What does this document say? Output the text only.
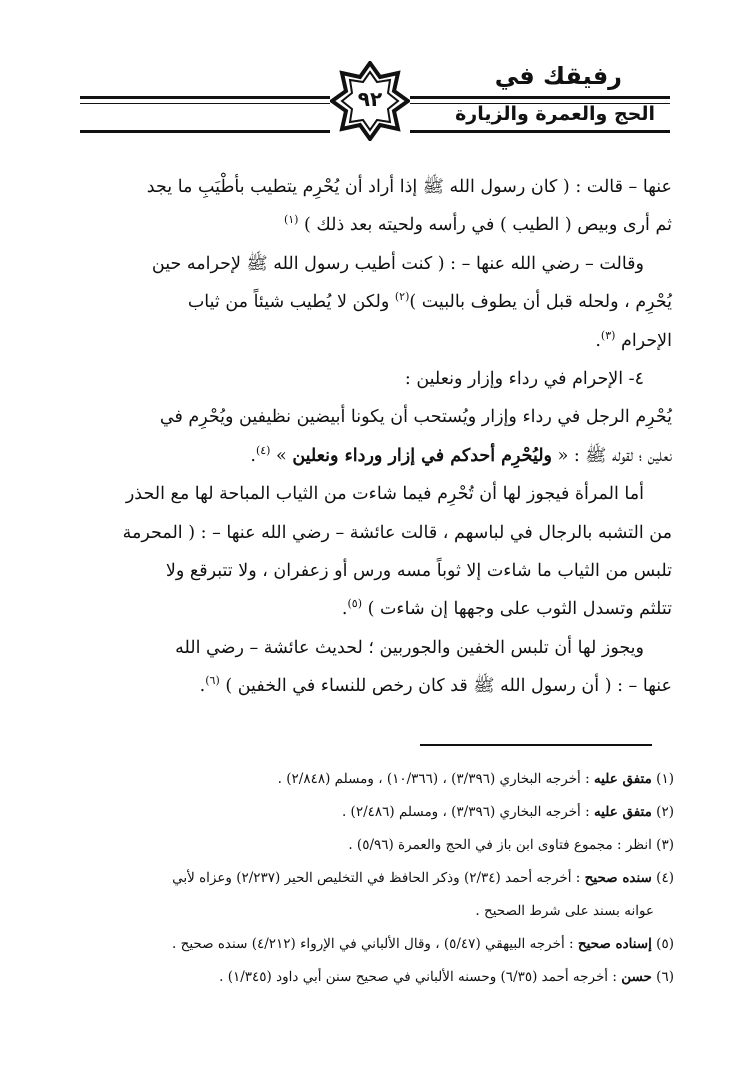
رفيقك في
الحج والعمرة والزيارة
٩٢

عنها – قالت : ( كان رسول الله ﷺ إذا أراد أن يُحْرِم يتطيب بأطْيَبِ ما يجد

ثم أرى وبيص ( الطيب ) في رأسه ولحيته بعد ذلك ) $^{(١)}$

وقالت – رضي الله عنها – : ( كنت أطيب رسول الله ﷺ لإحرامه حين

يُحْرِم ، ولحله قبل أن يطوف بالبيت )$^{(٢)}$ ولكن لا يُطيب شيئاً من ثياب

الإحرام $^{(٣)}$.

٤- الإحرام في رداء وإزار ونعلين :

يُحْرِم الرجل في رداء وإزار ويُستحب أن يكونا أبيضين نظيفين ويُحْرِم في

نعلين ؛ لقوله ﷺ : « وليُحْرِم أحدكم في إزار ورداء ونعلين » $^{(٤)}$.

أما المرأة فيجوز لها أن تُحْرِم فيما شاءت من الثياب المباحة لها مع الحذر

من التشبه بالرجال في لباسهم ، قالت عائشة – رضي الله عنها – : ( المحرمة

تلبس من الثياب ما شاءت إلا ثوباً مسه ورس أو زعفران ، ولا تتبرقع ولا

تتلثم وتسدل الثوب على وجهها إن شاءت ) $^{(٥)}$.

ويجوز لها أن تلبس الخفين والجوربين ؛ لحديث عائشة – رضي الله

عنها – : ( أن رسول الله ﷺ قد كان رخص للنساء في الخفين ) $^{(٦)}$.

(١) متفق عليه : أخرجه البخاري (٣/٣٩٦) ، (١٠/٣٦٦) ، ومسلم (٢/٨٤٨) .

(٢) متفق عليه : أخرجه البخاري (٣/٣٩٦) ، ومسلم (٢/٤٨٦) .

(٣) انظر : مجموع فتاوى ابن باز في الحج والعمرة (٥/٩٦) .

(٤) سنده صحيح : أخرجه أحمد (٢/٣٤) وذكر الحافظ في التخليص الحير (٢/٢٣٧) وعزاه لأبي

عوانه بسند على شرط الصحيح .

(٥) إسناده صحيح : أخرجه البيهقي (٥/٤٧) ، وقال الألباني في الإرواء (٤/٢١٢) سنده صحيح .

(٦) حسن : أخرجه أحمد (٦/٣٥) وحسنه الألباني في صحيح سنن أبي داود (١/٣٤٥) .
